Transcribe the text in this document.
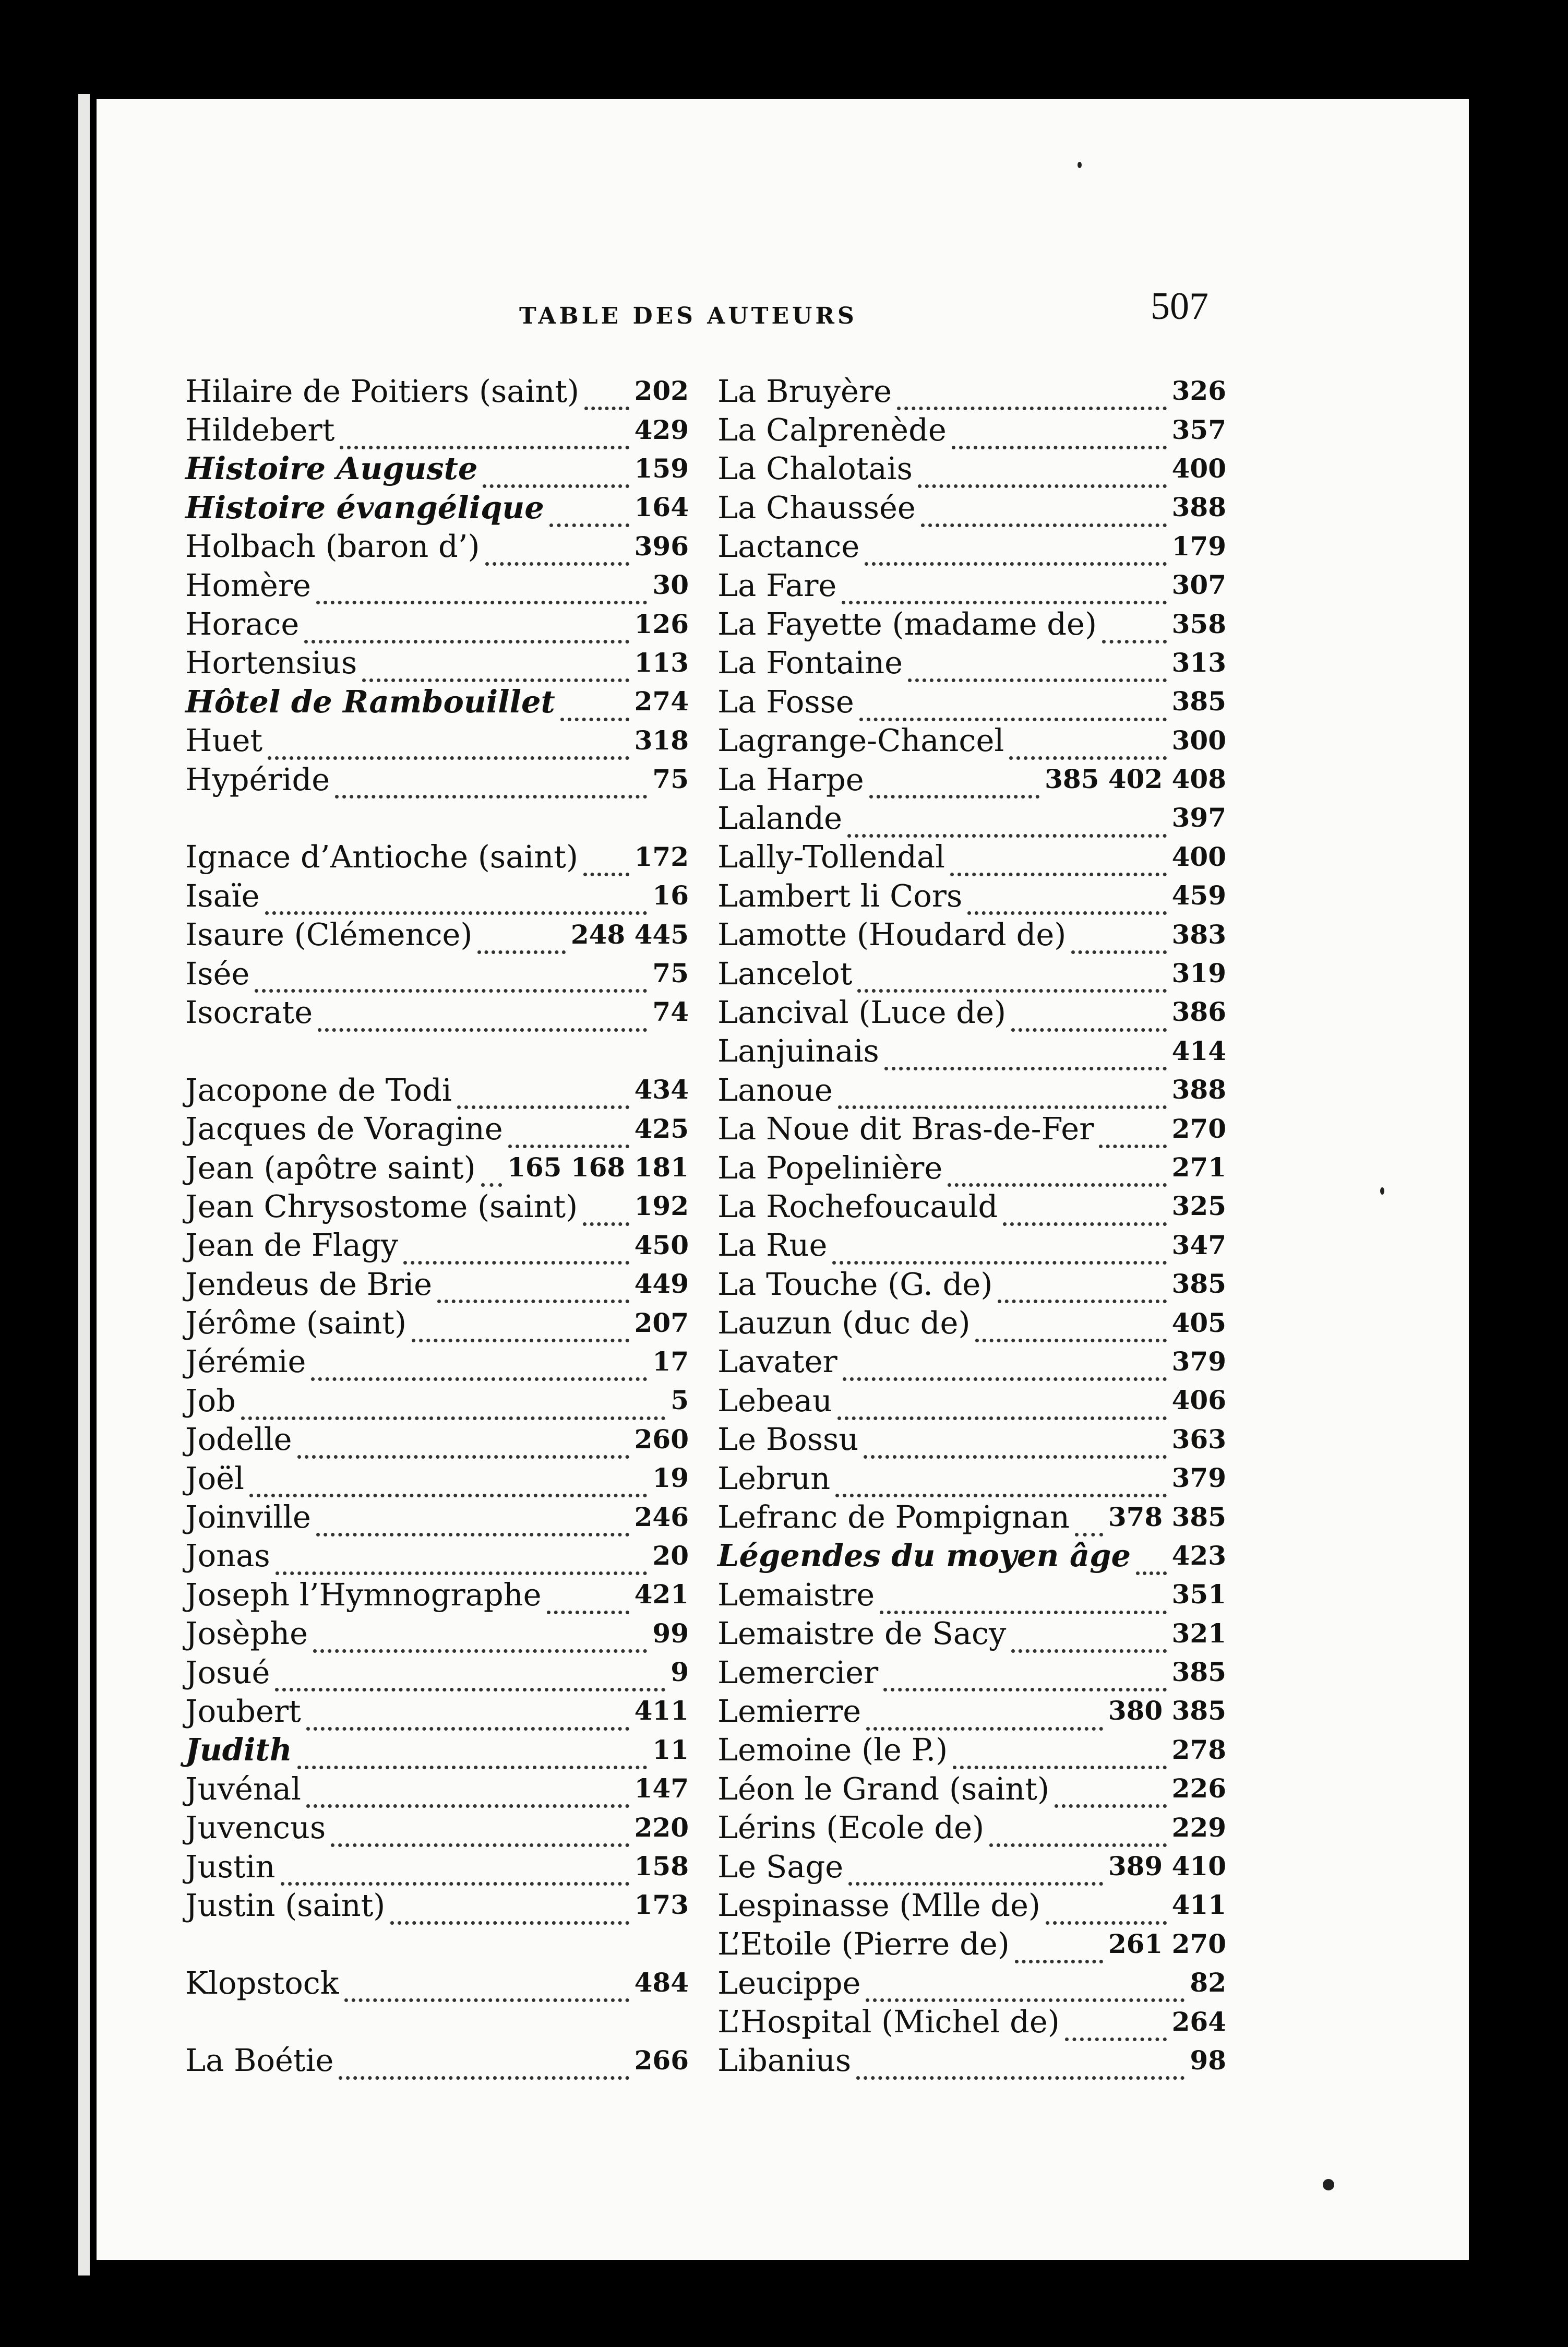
TABLE DES AUTEURS	507
Hilaire de Poitiers (saint) 202
Hildebert	429
Histoire Auguste	159
Histoire évangélique	164
Holbach (baron d’)	396
Homère	30
Horace	126
Hortensius	113
Hôtel de Rambouillet	274
Huet	318
Hypéride	75
Ignace d’Antioche (saint) 172
Isaïe	16
Isaure (Clémence)	248 445
Isée	75
Isocrate	74
Jacopone de Todi	434
Jacques de Voragine	425
Jean (apôtre saint) 165 168 181
Jean Chrysostome (saint) 192
Jean de Flagy	450
Jendeus de Brie	449
Jérôme (saint)	207
Jérémie	17
Job	5
Jodelle	260
Joël	19
Joinville	246
Jonas	20
Joseph l’Hymnographe	421
Josèphe	99
Josué	9
Joubert	411
Judith	11
Juvénal	147
Juvencus	220
Justin	158
Justin (saint)	173
Klopstock	484
La Boétie	266
La Bruyère	326
La Calprenède	357
La Chalotais	400
La Chaussée	388
Lactance	179
La Fare	307
La Fayette (madame de)	358
La Fontaine	313
La Fosse	385
Lagrange-Chancel	300
La Harpe	385 402 408
Lalande	397
Lally-Tollendal	400
Lambert li Cors	459
Lamotte (Houdard de)	383
Lancelot	319
Lancival (Luce de)	386
Lanjuinais	414
Lanoue	388
La Noue dit Bras-de-Fer	270
La Popelinière	271
La Rochefoucauld	325
La Rue	347
La Touche (G. de)	385
Lauzun (duc de)	405
Lavater	379
Lebeau	406
Le Bossu	363
Lebrun	379
Lefranc de Pompignan 378 385
Légendes du moyen âge 423
Lemaistre	351
Lemaistre de Sacy	321
Lemercier	385
Lemierre	380 385
Lemoine (le P.)	278
Léon le Grand (saint)	226
Lérins (Ecole de)	229
Le Sage	389 410
Lespinasse (Mlle de)	411
L’Etoile (Pierre de)	261 270
Leucippe	82
L’Hospital (Michel de)	264
Libanius	98
